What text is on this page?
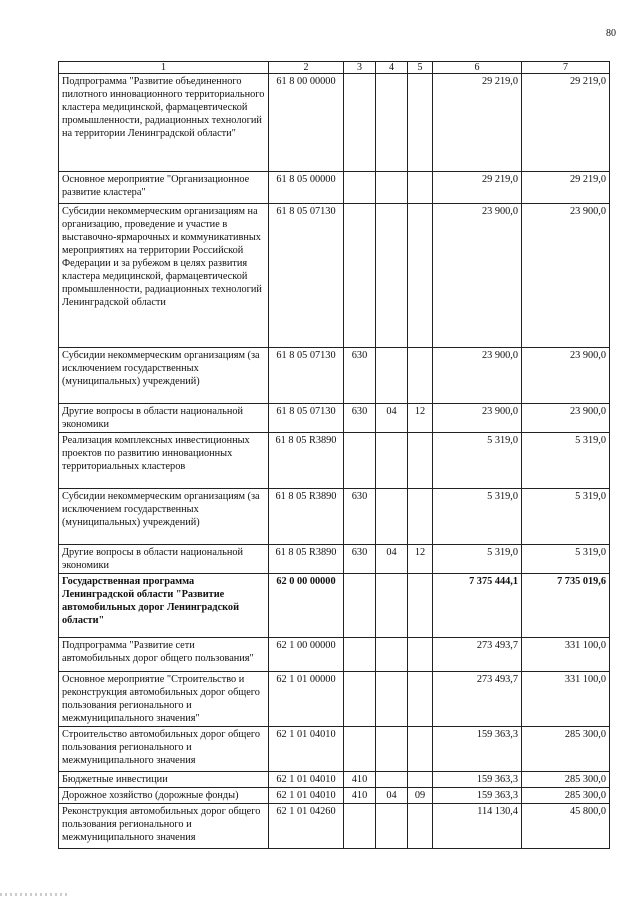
80
1	2	3	4	5	6	7
Подпрограмма "Развитие объединенного пилотного инновационного территориального кластера медицинской, фармацевтической промышленности, радиационных технологий на территории Ленинградской области"	61 8 00 00000				29 219,0	29 219,0
Основное мероприятие "Организационное развитие кластера"	61 8 05 00000				29 219,0	29 219,0
Субсидии некоммерческим организациям на организацию, проведение и участие в выставочно-ярмарочных и коммуникативных мероприятиях на территории Российской Федерации и за рубежом в целях развития кластера медицинской, фармацевтической промышленности, радиационных технологий Ленинградской области	61 8 05 07130				23 900,0	23 900,0
Субсидии некоммерческим организациям (за исключением государственных (муниципальных) учреждений)	61 8 05 07130	630			23 900,0	23 900,0
Другие вопросы в области национальной экономики	61 8 05 07130	630	04	12	23 900,0	23 900,0
Реализация комплексных инвестиционных проектов по развитию инновационных территориальных кластеров	61 8 05 R3890				5 319,0	5 319,0
Субсидии некоммерческим организациям (за исключением государственных (муниципальных) учреждений)	61 8 05 R3890	630			5 319,0	5 319,0
Другие вопросы в области национальной экономики	61 8 05 R3890	630	04	12	5 319,0	5 319,0
Государственная программа Ленинградской области "Развитие автомобильных дорог Ленинградской области"	62 0 00 00000				7 375 444,1	7 735 019,6
Подпрограмма "Развитие сети автомобильных дорог общего пользования"	62 1 00 00000				273 493,7	331 100,0
Основное мероприятие "Строительство и реконструкция автомобильных дорог общего пользования регионального и межмуниципального значения"	62 1 01 00000				273 493,7	331 100,0
Строительство автомобильных дорог общего пользования регионального и межмуниципального значения	62 1 01 04010				159 363,3	285 300,0
Бюджетные инвестиции	62 1 01 04010	410			159 363,3	285 300,0
Дорожное хозяйство (дорожные фонды)	62 1 01 04010	410	04	09	159 363,3	285 300,0
Реконструкция автомобильных дорог общего пользования регионального и межмуниципального значения	62 1 01 04260				114 130,4	45 800,0
